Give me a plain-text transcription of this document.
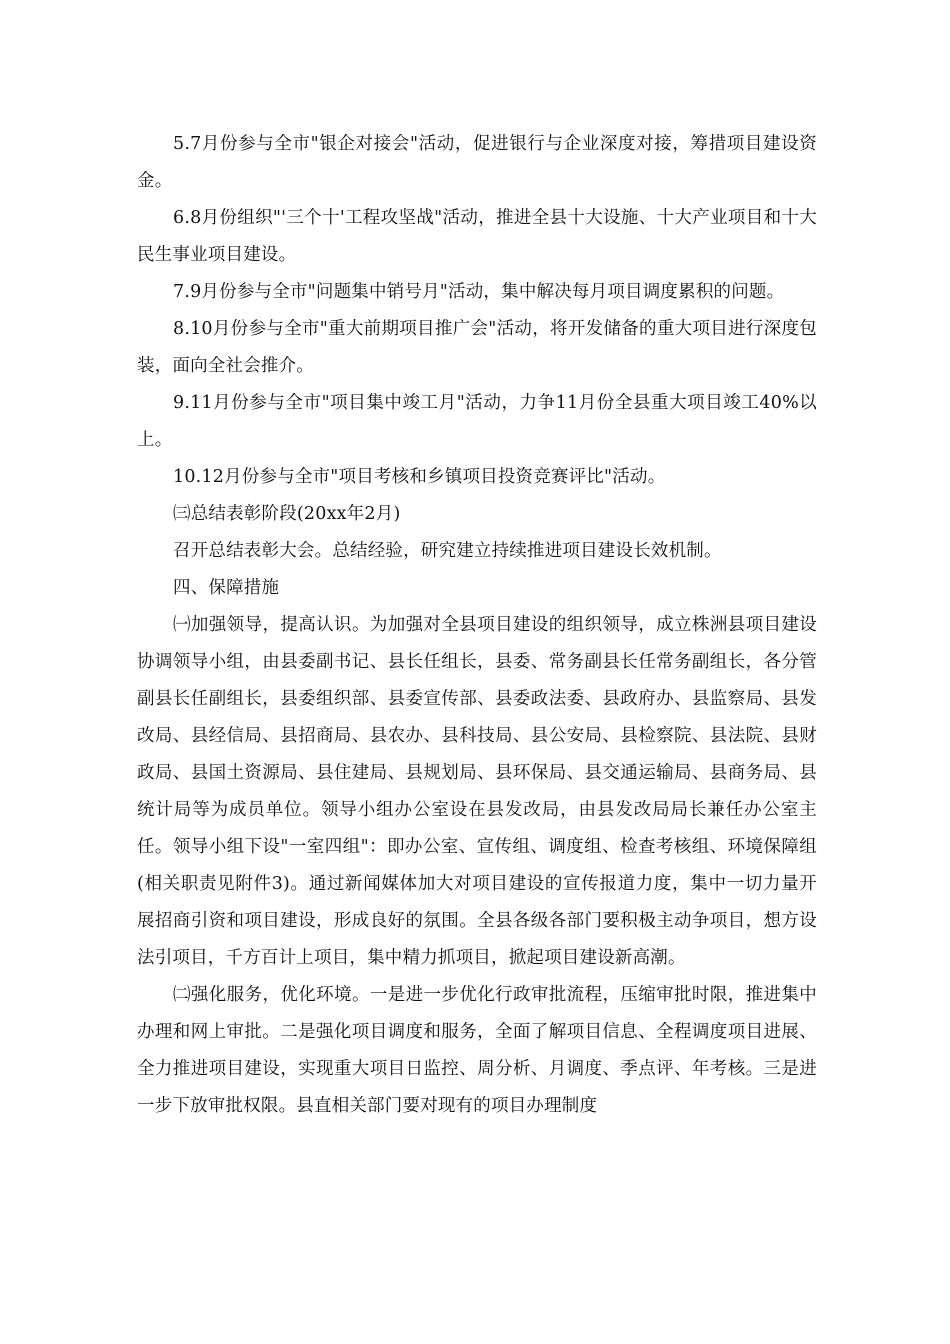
5.7月份参与全市"银企对接会"活动，促进银行与企业深度对接，筹措项目建设资金。

6.8月份组织"'三个十'工程攻坚战"活动，推进全县十大设施、十大产业项目和十大民生事业项目建设。

7.9月份参与全市"问题集中销号月"活动，集中解决每月项目调度累积的问题。

8.10月份参与全市"重大前期项目推广会"活动，将开发储备的重大项目进行深度包装，面向全社会推介。

9.11月份参与全市"项目集中竣工月"活动，力争11月份全县重大项目竣工40%以上。

10.12月份参与全市"项目考核和乡镇项目投资竞赛评比"活动。

㈢总结表彰阶段(20xx年2月)

召开总结表彰大会。总结经验，研究建立持续推进项目建设长效机制。

四、保障措施

㈠加强领导，提高认识。为加强对全县项目建设的组织领导，成立株洲县项目建设协调领导小组，由县委副书记、县长任组长，县委、常务副县长任常务副组长，各分管副县长任副组长，县委组织部、县委宣传部、县委政法委、县政府办、县监察局、县发改局、县经信局、县招商局、县农办、县科技局、县公安局、县检察院、县法院、县财政局、县国土资源局、县住建局、县规划局、县环保局、县交通运输局、县商务局、县统计局等为成员单位。领导小组办公室设在县发改局，由县发改局局长兼任办公室主任。领导小组下设"一室四组"：即办公室、宣传组、调度组、检查考核组、环境保障组(相关职责见附件3)。通过新闻媒体加大对项目建设的宣传报道力度，集中一切力量开展招商引资和项目建设，形成良好的氛围。全县各级各部门要积极主动争项目，想方设法引项目，千方百计上项目，集中精力抓项目，掀起项目建设新高潮。

㈡强化服务，优化环境。一是进一步优化行政审批流程，压缩审批时限，推进集中办理和网上审批。二是强化项目调度和服务，全面了解项目信息、全程调度项目进展、全力推进项目建设，实现重大项目日监控、周分析、月调度、季点评、年考核。三是进一步下放审批权限。县直相关部门要对现有的项目办理制度
